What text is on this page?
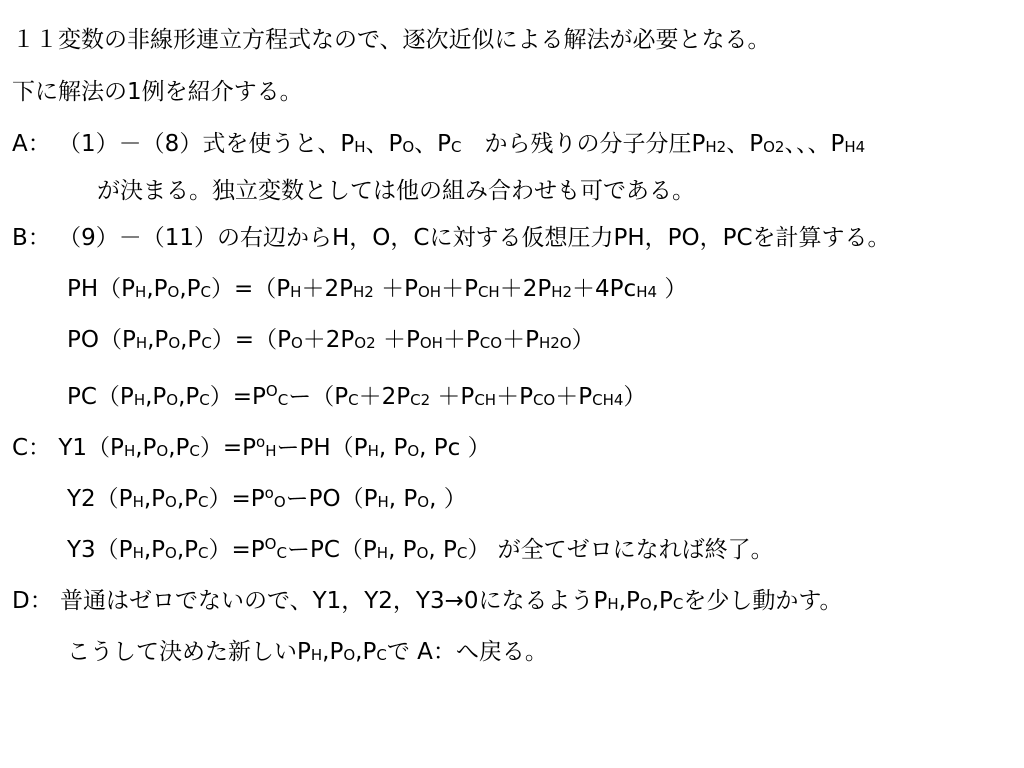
１１変数の非線形連立方程式なので、逐次近似による解法が必要となる。
下に解法の1例を紹介する。
A： （1）－（8）式を使うと、PH、PO、PC　から残りの分子分圧PH2、PO2、、、PH4
が決まる。独立変数としては他の組み合わせも可である。
B： （9）－（11）の右辺からH，O，Cに対する仮想圧力PH，PO，PCを計算する。
PH（PH,PO,PC）=（PH＋2PH2 ＋POH＋PCH＋2PH2＋4PcH4 ）
PO（PH,PO,PC）=（PO＋2PO2 ＋POH＋PCO＋PH2O）
$PC(PH,PO,PC)=P^OC$ー（PC＋2PC2 ＋PCH＋PCO＋PCH4）
C： $Y1(PH,PO,PC)=P^oH$ーPH（PH, PO, Pc ）
$Y2(PH,PO,PC)=P^oO$ーPO（PH, PO, ）
$Y3(PH,PO,PC)=P^OC$ーPC（PH, PO, PC） が全てゼロになれば終了。
D： 普通はゼロでないので、Y1，Y2，Y3→0になるようPH,PO,PCを少し動かす。
こうして決めた新しいPH,PO,PCで A：へ戻る。
